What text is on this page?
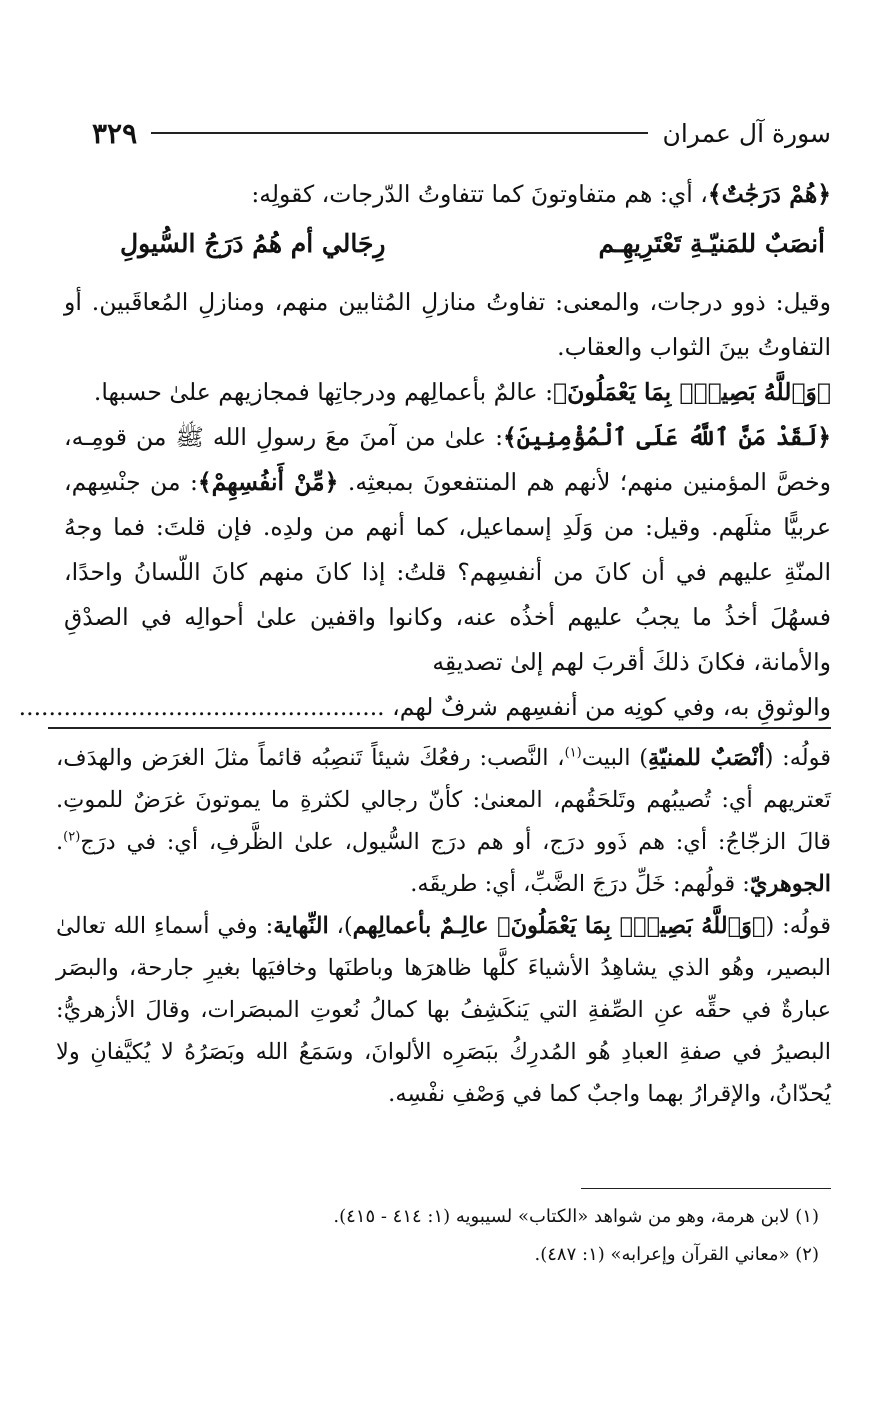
سورة آل عمران
٣٢٩

﴿هُمْ دَرَجَٰتٌ﴾، أي: هم متفاوتونَ كما تتفاوتُ الدّرجات، كقولِه:

أنصَبٌ للمَنيّـةِ تَعْتَرِيهِـم
رِجَالي أم هُمُ دَرَجُ السُّيولِ

وقيل: ذوو درجات، والمعنى: تفاوتُ منازلِ المُثابين منهم، ومنازلِ المُعاقَبين. أو التفاوتُ بينَ الثواب والعقاب.

﴿وَٱللَّهُ بَصِيرٌۢ بِمَا يَعْمَلُونَ﴾: عالمٌ بأعمالِهم ودرجاتِها فمجازيهم علىٰ حسبها.

﴿لَقَدْ مَنَّ ٱللَّهُ عَلَى ٱلْمُؤْمِنِينَ﴾: علىٰ من آمنَ معَ رسولِ الله ﷺ من قومِـه، وخصَّ المؤمنين منهم؛ لأنهم هم المنتفعونَ بمبعثِه. ﴿مِّنْ أَنفُسِهِمْ﴾: من جنْسِهم، عربيًّا مثلَهم. وقيل: من وَلَدِ إسماعيل، كما أنهم من ولدِه. فإن قلتَ: فما وجهُ المنّةِ عليهم في أن كانَ من أنفسِهم؟ قلتُ: إذا كانَ منهم كانَ اللّسانُ واحدًا، فسهُلَ أخذُ ما يجبُ عليهم أخذُه عنه، وكانوا واقفين علىٰ أحوالِه في الصدْقِ والأمانة، فكانَ ذلكَ أقربَ لهم إلىٰ تصديقِه

والوثوقِ به، وفي كونِه من أنفسِهم شرفٌ لهم، .................................................

قولُه: (أنْصَبٌ للمنيّةِ) البيت$^{(١)}$، النَّصب: رفعُكَ شيئاً تَنصِبُه قائماً مثلَ الغرَض والهدَف، تَعتريهم أي: تُصيبُهم وتَلحَقُهم، المعنىٰ: كأنّ رجالي لكثرةِ ما يموتونَ غرَضٌ للموتِ. قالَ الزجّاجُ: أي: هم ذَوو درَج، أو هم درَج السُّيول، علىٰ الظَّرفِ، أي: في درَج$^{(٢)}$. الجوهريّ: قولُهم: خَلِّ درَجَ الضَّبِّ، أي: طريقَه.

قولُه: (﴿وَٱللَّهُ بَصِيرٌۢ بِمَا يَعْمَلُونَ﴾ عالِـمٌ بأعمالِهم)، النِّهاية: وفي أسماءِ الله تعالىٰ البصير، وهُو الذي يشاهِدُ الأشياءَ كلَّها ظاهرَها وباطنَها وخافيَها بغيرِ جارحة، والبصَر عبارةٌ في حقِّه عنِ الصِّفةِ التي يَنكَشِفُ بها كمالُ نُعوتِ المبصَرات، وقالَ الأزهريُّ: البصيرُ في صفةِ العبادِ هُو المُدرِكُ ببَصَرِه الألوانَ، وسَمَعُ الله وبَصَرُهُ لا يُكيَّفانِ ولا يُحدّانُ، والإقرارُ بهما واجبٌ كما في وَصْفِ نفْسِه.

(١) لابن هرمة، وهو من شواهد «الكتاب» لسيبويه (١: ٤١٤ - ٤١٥).

(٢) «معاني القرآن وإعرابه» (١: ٤٨٧).
